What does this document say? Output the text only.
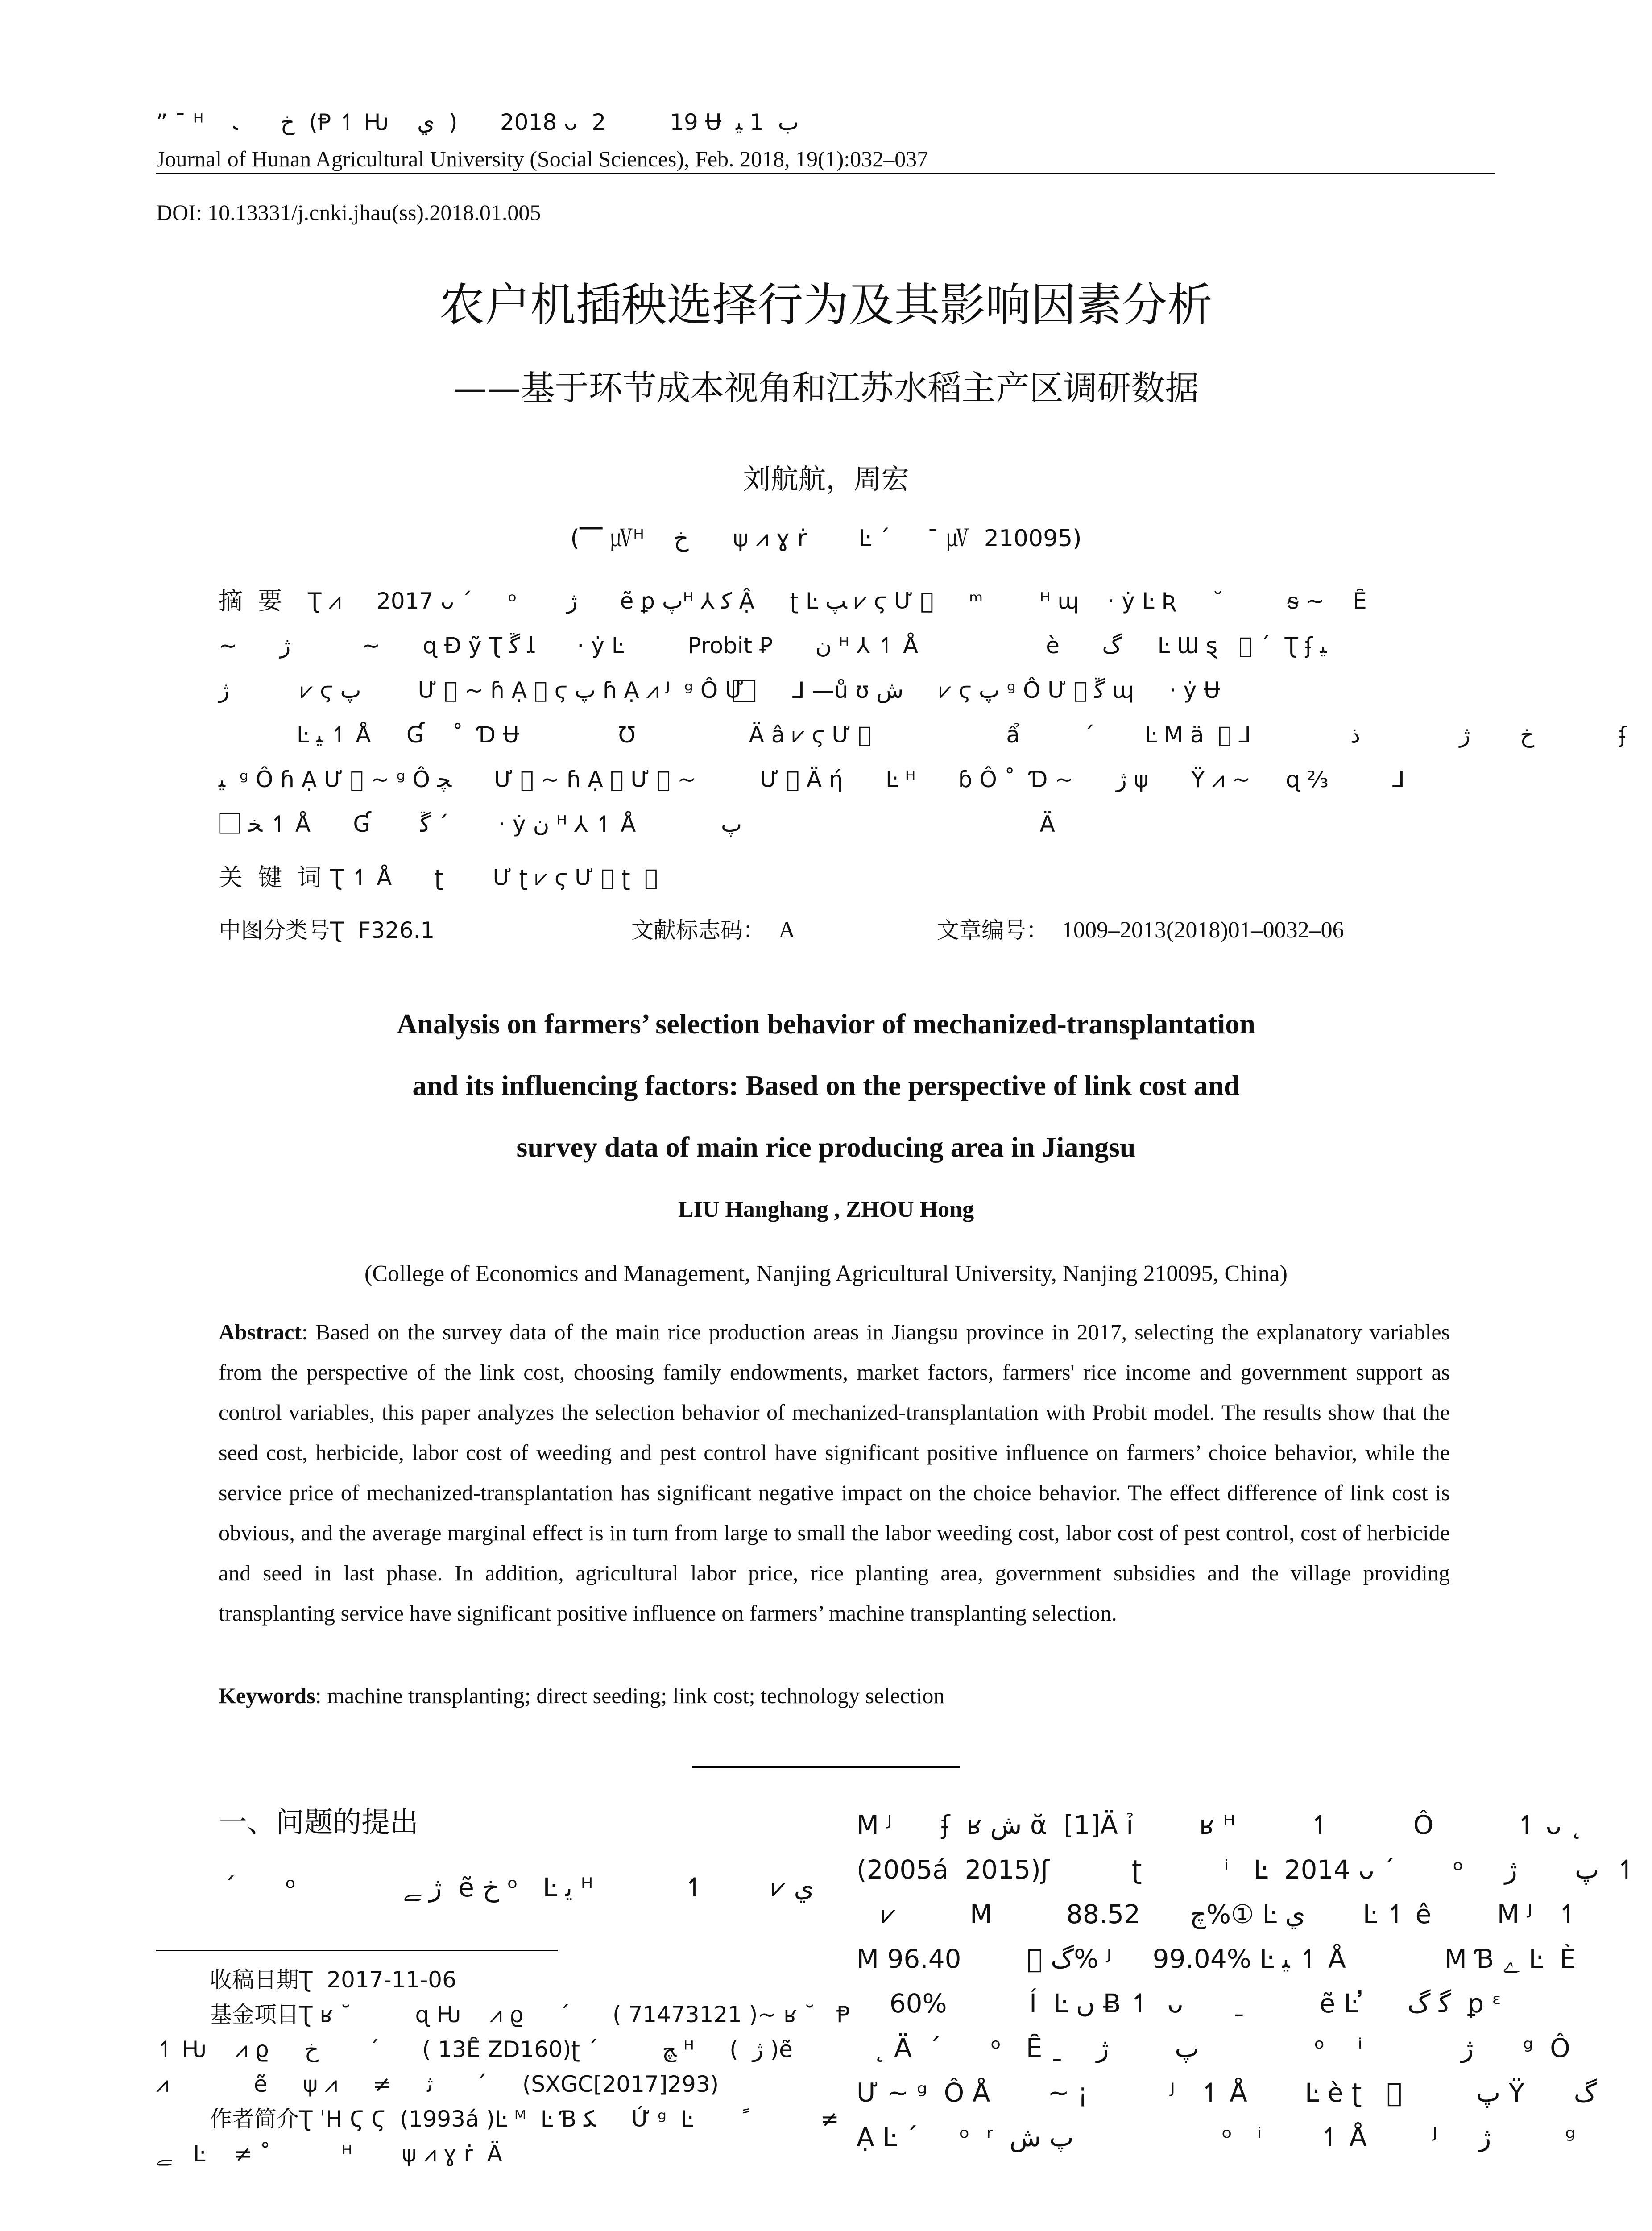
” ¯ ᴴ    ﺥ      ﹳ  (Ᵽ ↿ Ƕ    ﻱ  )      2018 ᴗ  2         19 Ʉ  ﺏ  1 ﯿ
Journal of Hunan Agricultural University (Social Sciences), Feb. 2018, 19(1):032–037
DOI: 10.13331/j.cnki.jhau(ss).2018.01.005
农户机插秧选择行为及其影响因素分析
——基于环节成本视角和江苏水稻主产区调研数据
刘航航，周宏
(⎺ ㎶ᴴ    ﺥ      ψ ⩘ ɣ ṙ       Ŀ ˊ     ¯ ㎶  210095)
摘  要 Ʈ ⩘     2017 ᴗ ˊ     ᵒ       ژ      ẽ ꝑ پᴴ ⅄ ﮐ Ậ     ʈ Ŀ ﭗ ⩗ ϛ Ư ⃞     ᵐ        ᴴ ɰ    · ẏ Ŀ Ʀ     ˘         ᵴ ~    Ȇ
~      ژ          ~      ɋ Ɖ ỹ Ʈ ﻠ ﮜ      · ẏ Ŀ         Probit Ꝑ      ﻥ ᴴ ⅄ ↿ Å                  è      ﮒ     Ŀ Ɯ ȿ   ⃞ ˊ  Ʈ ʄ ﯿ
ژ          ⩗ ϛ پ        Ư ⃞ ~ ɦ Ạ ⩗ ϛ پ ɦ Ạ ⩘ ᴶ  ᵍ Ô Ư ⃞      ⅃ —ů ʊ ﺵ     ⩗ ϛ پ ᵍ Ô Ư ⃞ ﮜ ɰ     · ẏ Ʉ
Ŀ ﯿ ↿ Å     Ɠ    ˚  Ɗ Ʉ              Ʊ                Ä â ⩗ ϛ Ư ⃞                   ẩ         ˊ       Ŀ M ä  ⃞ ⅃              ﺥ       ژ              ﺫ            ʄ
ﯿ  ᵍ Ô ɦ Ạ Ư ⃞ ~ ᵍ Ô ﭽ      Ư ⃞ ~ ɦ Ạ ⩘ Ư ⃞ ~         Ư ⃞ Ä ή      Ŀ ᴴ      ɓ Ô ˚  Ɗ ~      ژ ψ      Ÿ ⩘ ~     ɋ ⅔         ⅃
⃞ ﺨ ↿ Å      Ɠ       ﮜ ˊ       · ẏ ﻥ ᴴ ⅄ ↿ Å            پ                                          Ä
关  键  词 Ʈ ↿ Å      ʈ       Ư ʈ ⩗ ϛ Ư ⃞ ʈ  ⩘
中图分类号 Ʈ  F326.1	文献标志码： A	文章编号： 1009–2013(2018)01–0032–06
Analysis on farmers’ selection behavior of mechanized-transplantation
and its influencing factors: Based on the perspective of link cost and
survey data of main rice producing area in Jiangsu
LIU Hanghang , ZHOU Hong
(College of Economics and Management, Nanjing Agricultural University, Nanjing 210095, China)
Abstract: Based on the survey data of the main rice production areas in Jiangsu province in 2017, selecting the explanatory variables from the perspective of the link cost, choosing family endowments, market factors, farmers' rice income and government support as control variables, this paper analyzes the selection behavior of mechanized-transplantation with Probit model. The results show that the seed cost, herbicide, labor cost of weeding and pest control have significant positive influence on farmers’ choice behavior, while the service price of mechanized-transplantation has significant negative impact on the choice behavior. The effect difference of link cost is obvious, and the average marginal effect is in turn from large to small the labor weeding cost, labor cost of pest control, cost of herbicide and seed in last phase. In addition, agricultural labor price, rice planting area, government subsidies and the village providing transplanting service have significant positive influence on farmers’ machine transplanting selection.
Keywords: machine transplanting; direct seeding; link cost; technology selection
一、问题的提出
ˊ      ᵒ             ژ ﮯ  ẽ ﺥ ᵒ   Ŀ ﻳ ᴴ           ↿        ⩗ ﻱ
收稿日期Ʈ  2017-11-06
基金项目Ʈ ʁ ˘         ɋ Ƕ    ⩘ ϱ     ˊ      ( 71473121 )~ ʁ ˘   Ᵽ
↿ Ƕ    ⩘ ϱ     ﺥ       ˊ      ( 13Ȇ ZD160)ʈ ˊ         ﭻ ᴴ     (  ژ )ẽ
⩘            ẽ     ψ ⩘     ≠     ﺛ      ˊ     (SXGC[2017]293)
作者简介Ʈ ˈH Ϛ Ϛ  (1993á )Ŀ ᴹ  Ŀ Ɓ ﮑ     Ứ ᵍ  Ŀ       ﹰ          ≠
ﮯ   Ŀ    ≠ ˚          ᴴ       ψ ⩘ ɣ ṙ  Ä
M ᴶ      ʄ  ʁ ﺵ ᾰ  [1]Ä ỉ        ʁ ᴴ         ↿          Ô          ↿ ᴗ ˛
(2005á  2015)ʃ          ʈ          ⁱ   Ŀ  2014 ᴗ ˊ       ᵒ     پ       ژ  ↿
⩗         M         ﭺ      88.52%① Ŀ ﻱ       Ŀ ↿ ê        M ᴶ   ↿
M ﮒ ⃞        96.40% ᴶ     99.04% Ŀ ﯿ ↿ Å            M Ɓ ﮮ Ŀ  È
60%          Í  Ŀ ﮞ Ƀ ↿  ᴗ      ˍ         ẽ Ŀ ̓     ﮔ ﮒ  ꝑ ᵋ
˛ Ä  ˊ      ᵒ   Ȇ ˍ    پ        ژ              ᵒ    ⁱ            ژ      ᵍ  Ô
Ư ~ ᵍ  Ô Å       ~ ¡          ᴶ   ↿ Å       Ŀ è ʈ   ⃞         پ Ÿ      ﮒ
Ạ Ŀ ˊ     ᵒ  ʳ  پ ﺵ                  ᵒ   ⁱ       ↿ Å        ᴶ     ژ         ᵍ
